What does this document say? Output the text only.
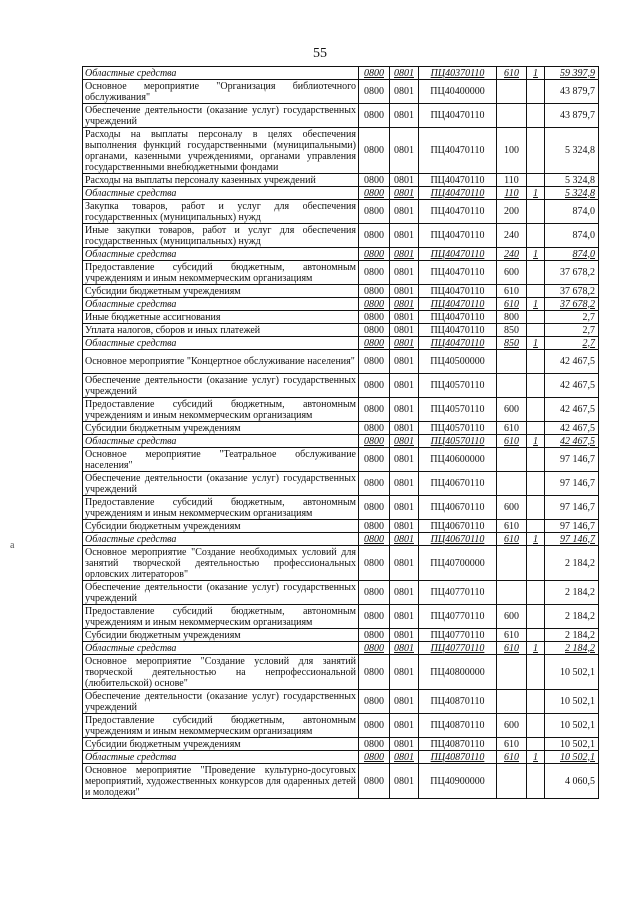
55
а
Областные средства	0800	0801	ПЦ40370110	610	1	59 397,9
Основное мероприятие "Организация библиотечного обслуживания"	0800	0801	ПЦ40400000			43 879,7
Обеспечение деятельности (оказание услуг) государственных учреждений	0800	0801	ПЦ40470110			43 879,7
Расходы на выплаты персоналу в целях обеспечения выполнения функций государственными (муниципальными) органами, казенными учреждениями, органами управления государственными внебюджетными фондами	0800	0801	ПЦ40470110	100		5 324,8
Расходы на выплаты персоналу казенных учреждений	0800	0801	ПЦ40470110	110		5 324,8
Областные средства	0800	0801	ПЦ40470110	110	1	5 324,8
Закупка товаров, работ и услуг для обеспечения государственных (муниципальных) нужд	0800	0801	ПЦ40470110	200		874,0
Иные закупки товаров, работ и услуг для обеспечения государственных (муниципальных) нужд	0800	0801	ПЦ40470110	240		874,0
Областные средства	0800	0801	ПЦ40470110	240	1	874,0
Предоставление субсидий бюджетным, автономным учреждениям и иным некоммерческим организациям	0800	0801	ПЦ40470110	600		37 678,2
Субсидии бюджетным учреждениям	0800	0801	ПЦ40470110	610		37 678,2
Областные средства	0800	0801	ПЦ40470110	610	1	37 678,2
Иные бюджетные ассигнования	0800	0801	ПЦ40470110	800		2,7
Уплата налогов, сборов и иных платежей	0800	0801	ПЦ40470110	850		2,7
Областные средства	0800	0801	ПЦ40470110	850	1	2,7
Основное мероприятие "Концертное обслуживание населения"	0800	0801	ПЦ40500000			42 467,5
Обеспечение деятельности (оказание услуг) государственных учреждений	0800	0801	ПЦ40570110			42 467,5
Предоставление субсидий бюджетным, автономным учреждениям и иным некоммерческим организациям	0800	0801	ПЦ40570110	600		42 467,5
Субсидии бюджетным учреждениям	0800	0801	ПЦ40570110	610		42 467,5
Областные средства	0800	0801	ПЦ40570110	610	1	42 467,5
Основное мероприятие "Театральное обслуживание населения"	0800	0801	ПЦ40600000			97 146,7
Обеспечение деятельности (оказание услуг) государственных учреждений	0800	0801	ПЦ40670110			97 146,7
Предоставление субсидий бюджетным, автономным учреждениям и иным некоммерческим организациям	0800	0801	ПЦ40670110	600		97 146,7
Субсидии бюджетным учреждениям	0800	0801	ПЦ40670110	610		97 146,7
Областные средства	0800	0801	ПЦ40670110	610	1	97 146,7
Основное мероприятие "Создание необходимых условий для занятий творческой деятельностью профессиональных орловских литераторов"	0800	0801	ПЦ40700000			2 184,2
Обеспечение деятельности (оказание услуг) государственных учреждений	0800	0801	ПЦ40770110			2 184,2
Предоставление субсидий бюджетным, автономным учреждениям и иным некоммерческим организациям	0800	0801	ПЦ40770110	600		2 184,2
Субсидии бюджетным учреждениям	0800	0801	ПЦ40770110	610		2 184,2
Областные средства	0800	0801	ПЦ40770110	610	1	2 184,2
Основное мероприятие "Создание условий для занятий творческой деятельностью на непрофессиональной (любительской) основе"	0800	0801	ПЦ40800000			10 502,1
Обеспечение деятельности (оказание услуг) государственных учреждений	0800	0801	ПЦ40870110			10 502,1
Предоставление субсидий бюджетным, автономным учреждениям и иным некоммерческим организациям	0800	0801	ПЦ40870110	600		10 502,1
Субсидии бюджетным учреждениям	0800	0801	ПЦ40870110	610		10 502,1
Областные средства	0800	0801	ПЦ40870110	610	1	10 502,1
Основное мероприятие "Проведение культурно-досуговых мероприятий, художественных конкурсов для одаренных детей и молодежи"	0800	0801	ПЦ40900000			4 060,5
